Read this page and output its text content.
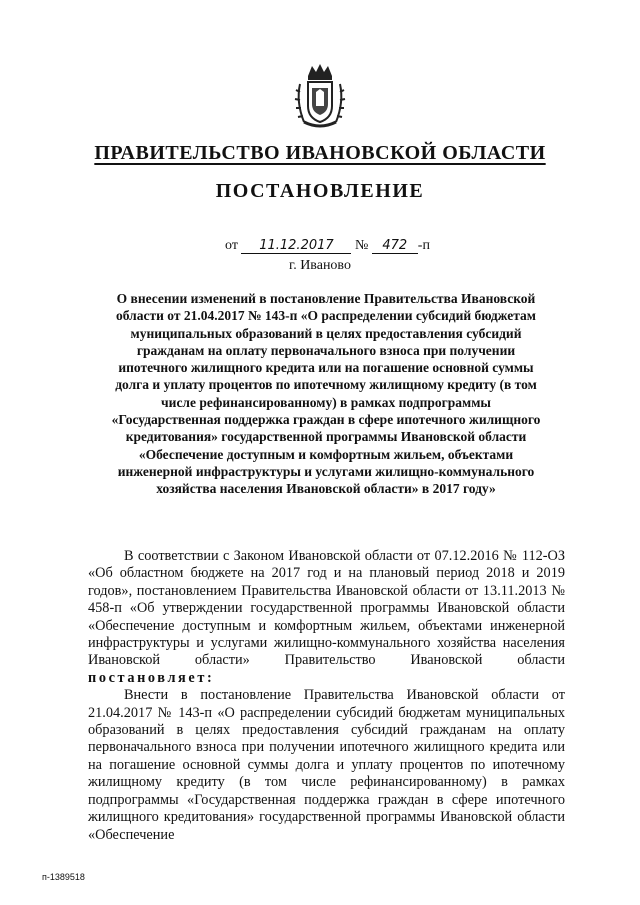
ПРАВИТЕЛЬСТВО ИВАНОВСКОЙ ОБЛАСТИ
ПОСТАНОВЛЕНИЕ
от 11.12.2017 № 472 -п
г. Иваново
О внесении изменений в постановление Правительства Ивановской области от 21.04.2017 № 143-п «О распределении субсидий бюджетам муниципальных образований в целях предоставления субсидий гражданам на оплату первоначального взноса при получении ипотечного жилищного кредита или на погашение основной суммы долга и уплату процентов по ипотечному жилищному кредиту (в том числе рефинансированному) в рамках подпрограммы «Государственная поддержка граждан в сфере ипотечного жилищного кредитования» государственной программы Ивановской области «Обеспечение доступным и комфортным жильем, объектами инженерной инфраструктуры и услугами жилищно-коммунального хозяйства населения Ивановской области» в 2017 году»

В соответствии с Законом Ивановской области от 07.12.2016 № 112-ОЗ «Об областном бюджете на 2017 год и на плановый период 2018 и 2019 годов», постановлением Правительства Ивановской области от 13.11.2013 № 458-п «Об утверждении государственной программы Ивановской области «Обеспечение доступным и комфортным жильем, объектами инженерной инфраструктуры и услугами жилищно-коммунального хозяйства населения Ивановской области» Правительство Ивановской области постановляет:

Внести в постановление Правительства Ивановской области от 21.04.2017 № 143-п «О распределении субсидий бюджетам муниципальных образований в целях предоставления субсидий гражданам на оплату первоначального взноса при получении ипотечного жилищного кредита или на погашение основной суммы долга и уплату процентов по ипотечному жилищному кредиту (в том числе рефинансированному) в рамках подпрограммы «Государственная поддержка граждан в сфере ипотечного жилищного кредитования» государственной программы Ивановской области «Обеспечение

п-1389518
